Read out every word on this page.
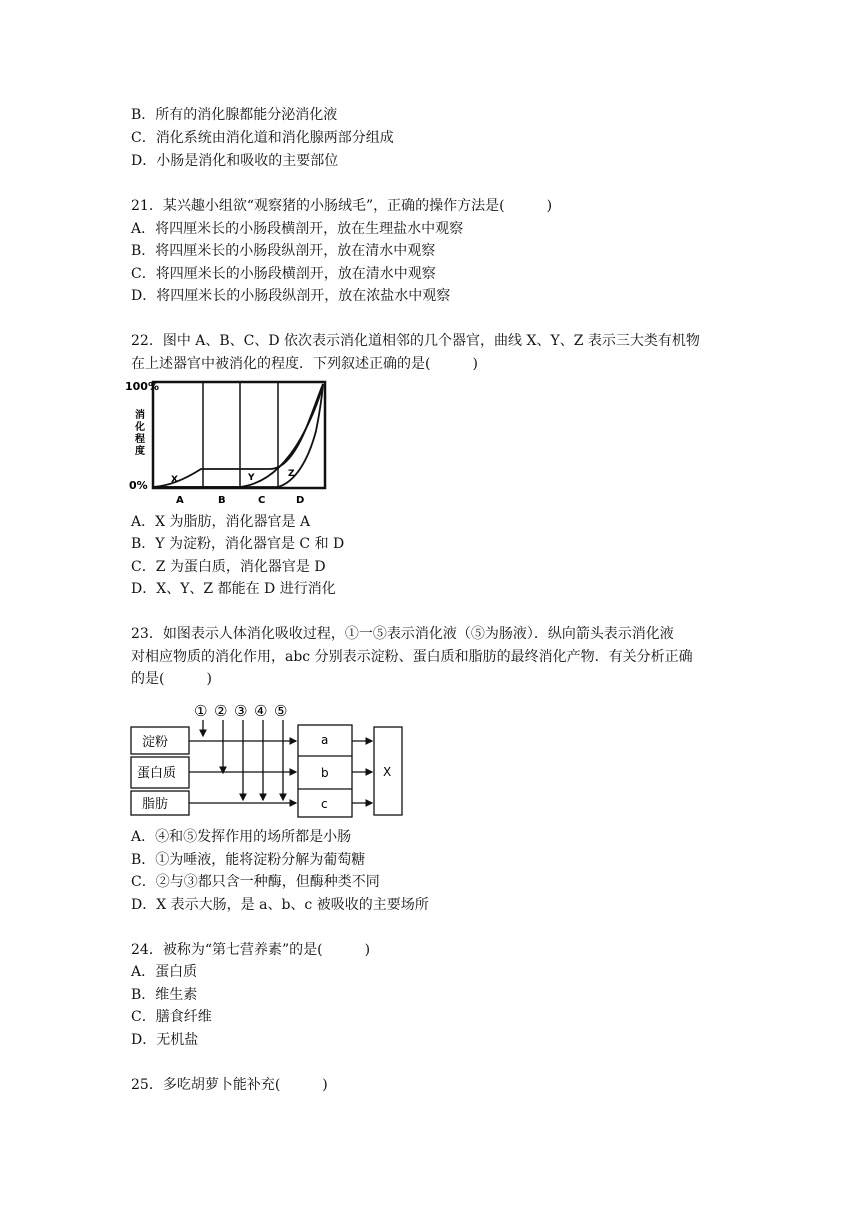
B．所有的消化腺都能分泌消化液
C．消化系统由消化道和消化腺两部分组成
D．小肠是消化和吸收的主要部位
21．某兴趣小组欲“观察猪的小肠绒毛”，正确的操作方法是(　　　)
A．将四厘米长的小肠段横剖开，放在生理盐水中观察
B．将四厘米长的小肠段纵剖开，放在清水中观察
C．将四厘米长的小肠段横剖开，放在清水中观察
D．将四厘米长的小肠段纵剖开，放在浓盐水中观察
22．图中 A、B、C、D 依次表示消化道相邻的几个器官，曲线 X、Y、Z 表示三大类有机物
在上述器官中被消化的程度．下列叙述正确的是(　　　)
100%
0%
消
化
程
度
A	B	C	D
X	Y	Z
A．X 为脂肪，消化器官是 A
B．Y 为淀粉，消化器官是 C 和 D
C．Z 为蛋白质，消化器官是 D
D．X、Y、Z 都能在 D 进行消化
23．如图表示人体消化吸收过程，①一⑤表示消化液（⑤为肠液）．纵向箭头表示消化液
对相应物质的消化作用，abc 分别表示淀粉、蛋白质和脂肪的最终消化产物．有关分析正确
的是(　　　)
① ② ③ ④ ⑤
淀粉
蛋白质
脂肪
a
b
c
X
A．④和⑤发挥作用的场所都是小肠
B．①为唾液，能将淀粉分解为葡萄糖
C．②与③都只含一种酶，但酶种类不同
D．X 表示大肠，是 a、b、c 被吸收的主要场所
24．被称为“第七营养素”的是(　　　)
A．蛋白质
B．维生素
C．膳食纤维
D．无机盐
25．多吃胡萝卜能补充(　　　)
